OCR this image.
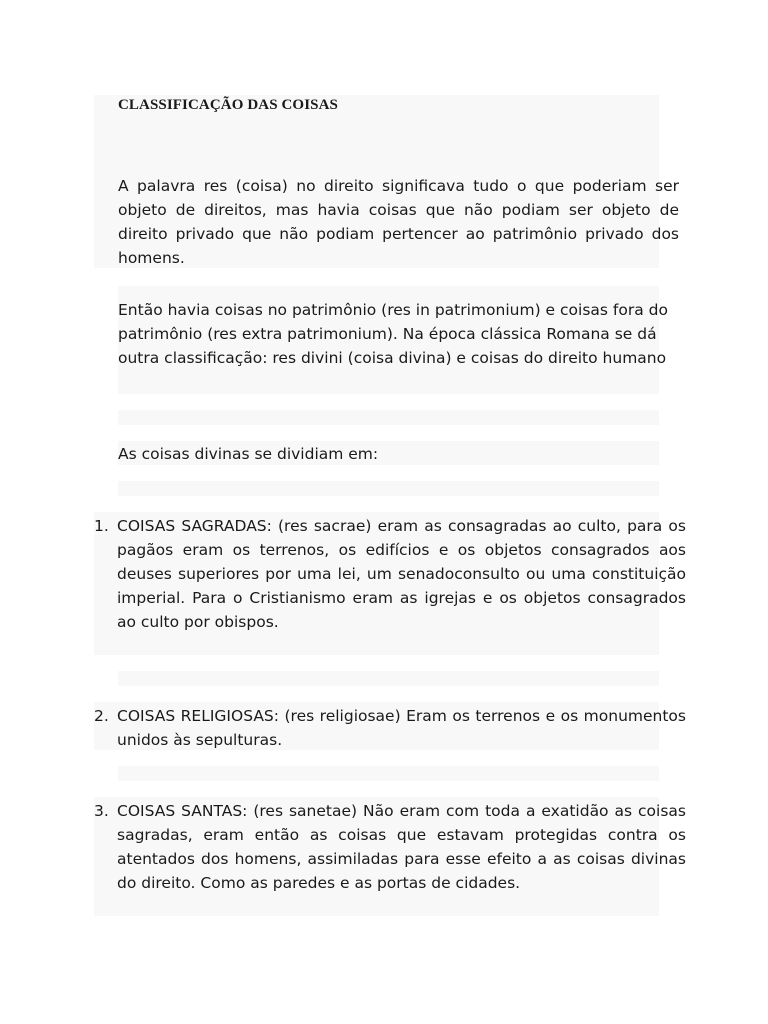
CLASSIFICAÇÃO DAS COISAS
A palavra res (coisa) no direito significava tudo o que poderiam ser objeto de direitos, mas havia coisas que não podiam ser objeto de direito privado que não podiam pertencer ao patrimônio privado dos homens.
Então havia coisas no patrimônio (res in patrimonium) e coisas fora do patrimônio (res extra patrimonium). Na época clássica Romana se dá outra classificação: res divini (coisa divina) e coisas do direito humano
As coisas divinas se dividiam em:
1. COISAS SAGRADAS: (res sacrae) eram as consagradas ao culto, para os pagãos eram os terrenos, os edifícios e os objetos consagrados aos deuses superiores por uma lei, um senadoconsulto ou uma constituição imperial. Para o Cristianismo eram as igrejas e os objetos consagrados ao culto por obispos.
2. COISAS RELIGIOSAS: (res religiosae) Eram os terrenos e os monumentos unidos às sepulturas.
3. COISAS SANTAS: (res sanetae) Não eram com toda a exatidão as coisas sagradas, eram então as coisas que estavam protegidas contra os atentados dos homens, assimiladas para esse efeito a as coisas divinas do direito. Como as paredes e as portas de cidades.
